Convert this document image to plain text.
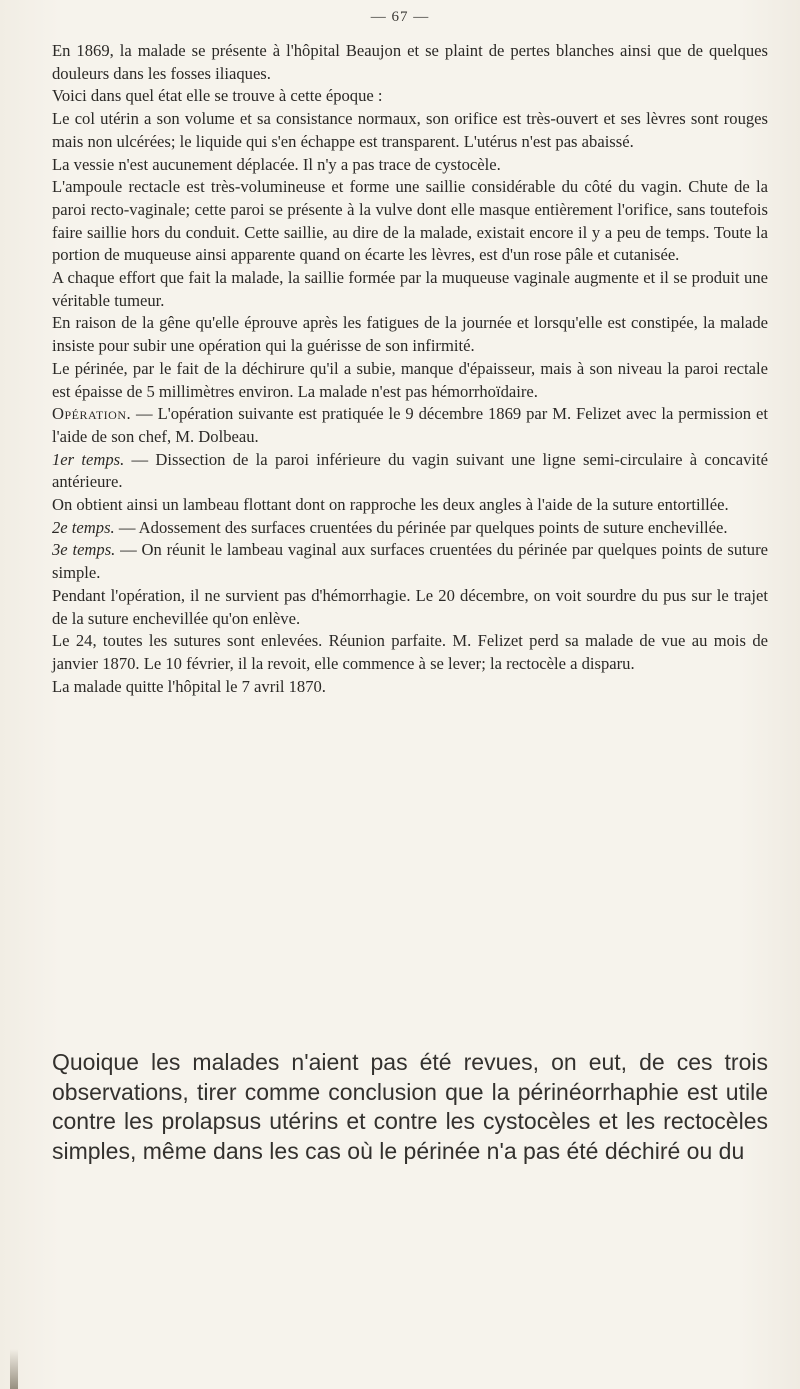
— 67 —

En 1869, la malade se présente à l'hôpital Beaujon et se plaint de pertes blanches ainsi que de quelques douleurs dans les fosses iliaques.

Voici dans quel état elle se trouve à cette époque :

Le col utérin a son volume et sa consistance normaux, son orifice est très-ouvert et ses lèvres sont rouges mais non ulcérées; le liquide qui s'en échappe est transparent. L'utérus n'est pas abaissé.

La vessie n'est aucunement déplacée. Il n'y a pas trace de cystocèle.

L'ampoule rectacle est très-volumineuse et forme une saillie considérable du côté du vagin. Chute de la paroi recto-vaginale; cette paroi se présente à la vulve dont elle masque entièrement l'orifice, sans toutefois faire saillie hors du conduit. Cette saillie, au dire de la malade, existait encore il y a peu de temps. Toute la portion de muqueuse ainsi apparente quand on écarte les lèvres, est d'un rose pâle et cutanisée.

A chaque effort que fait la malade, la saillie formée par la muqueuse vaginale augmente et il se produit une véritable tumeur.

En raison de la gêne qu'elle éprouve après les fatigues de la journée et lorsqu'elle est constipée, la malade insiste pour subir une opération qui la guérisse de son infirmité.

Le périnée, par le fait de la déchirure qu'il a subie, manque d'épaisseur, mais à son niveau la paroi rectale est épaisse de 5 millimètres environ. La malade n'est pas hémorrhoïdaire.

Opération. — L'opération suivante est pratiquée le 9 décembre 1869 par M. Felizet avec la permission et l'aide de son chef, M. Dolbeau.

1er temps. — Dissection de la paroi inférieure du vagin suivant une ligne semi-circulaire à concavité antérieure.

On obtient ainsi un lambeau flottant dont on rapproche les deux angles à l'aide de la suture entortillée.

2e temps. — Adossement des surfaces cruentées du périnée par quelques points de suture enchevillée.

3e temps. — On réunit le lambeau vaginal aux surfaces cruentées du périnée par quelques points de suture simple.

Pendant l'opération, il ne survient pas d'hémorrhagie. Le 20 décembre, on voit sourdre du pus sur le trajet de la suture enchevillée qu'on enlève.

Le 24, toutes les sutures sont enlevées. Réunion parfaite. M. Felizet perd sa malade de vue au mois de janvier 1870. Le 10 février, il la revoit, elle commence à se lever; la rectocèle a disparu.

La malade quitte l'hôpital le 7 avril 1870.

Quoique les malades n'aient pas été revues, on eut, de ces trois observations, tirer comme conclusion que la périnéorrhaphie est utile contre les prolapsus utérins et contre les cystocèles et les rectocèles simples, même dans les cas où le périnée n'a pas été déchiré ou du
